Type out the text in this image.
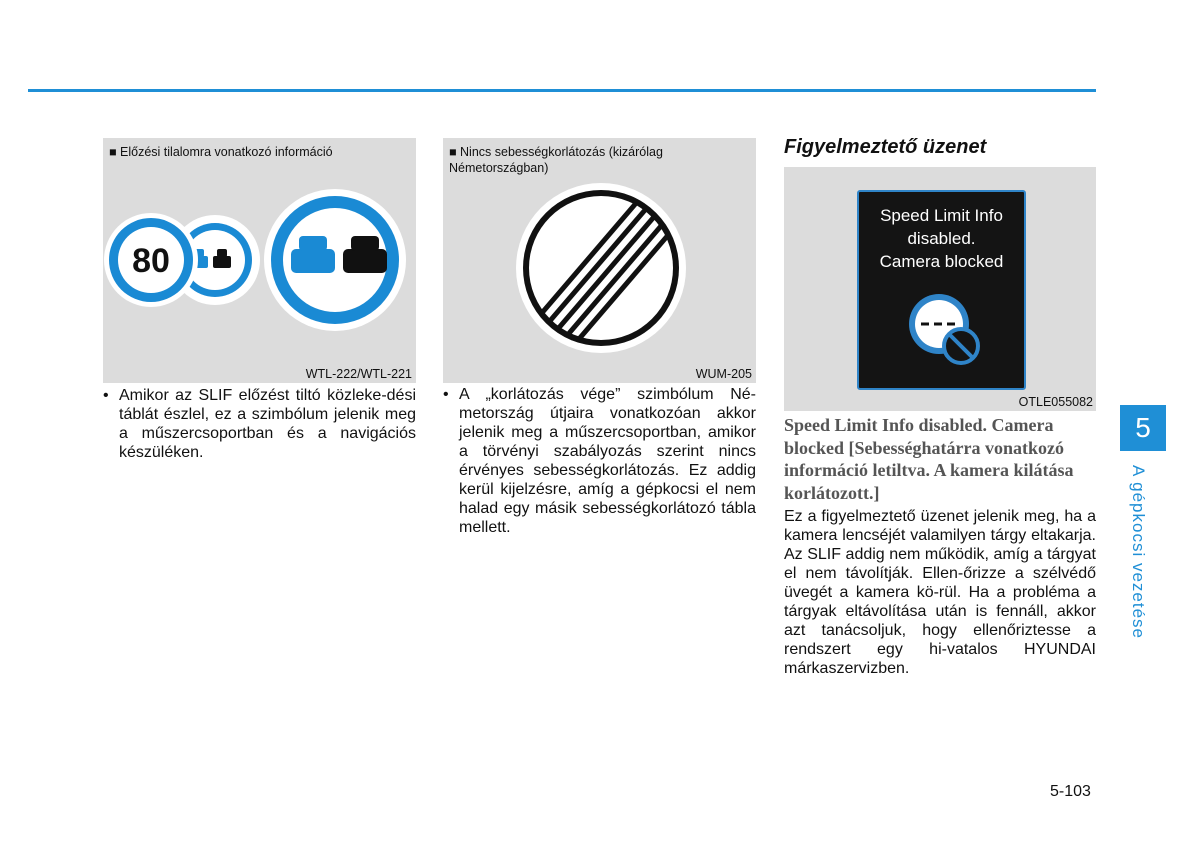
■ Előzési tilalomra vonatkozó információ
80
WTL-222/WTL-221
■ Nincs sebességkorlátozás (kizárólag
Németországban)
WUM-205
• Amikor az SLIF előzést tiltó közleke-dési táblát észlel, ez a szimbólum jelenik meg a műszercsoportban és a navigációs készüléken.
• A „korlátozás vége” szimbólum Né-metország útjaira vonatkozóan akkor jelenik meg a műszercsoportban, amikor a törvényi szabályozás szerint nincs érvényes sebességkorlátozás. Ez addig kerül kijelzésre, amíg a gépkocsi el nem halad egy másik sebességkorlátozó tábla mellett.
Figyelmeztető üzenet
OTLE055082
Speed Limit Info
disabled.
Camera blocked
Speed Limit Info disabled. Camera blocked [Sebességhatárra vonatkozó információ letiltva. A kamera kilátása korlátozott.]
Ez a figyelmeztető üzenet jelenik meg, ha a kamera lencséjét valamilyen tárgy eltakarja. Az SLIF addig nem működik, amíg a tárgyat el nem távolítják. Ellen-őrizze a szélvédő üvegét a kamera kö-rül. Ha a probléma a tárgyak eltávolítása után is fennáll, akkor azt tanácsoljuk, hogy ellenőriztesse a rendszert egy hi-vatalos HYUNDAI márkaszervizben.
5
A gépkocsi vezetése
5-103
